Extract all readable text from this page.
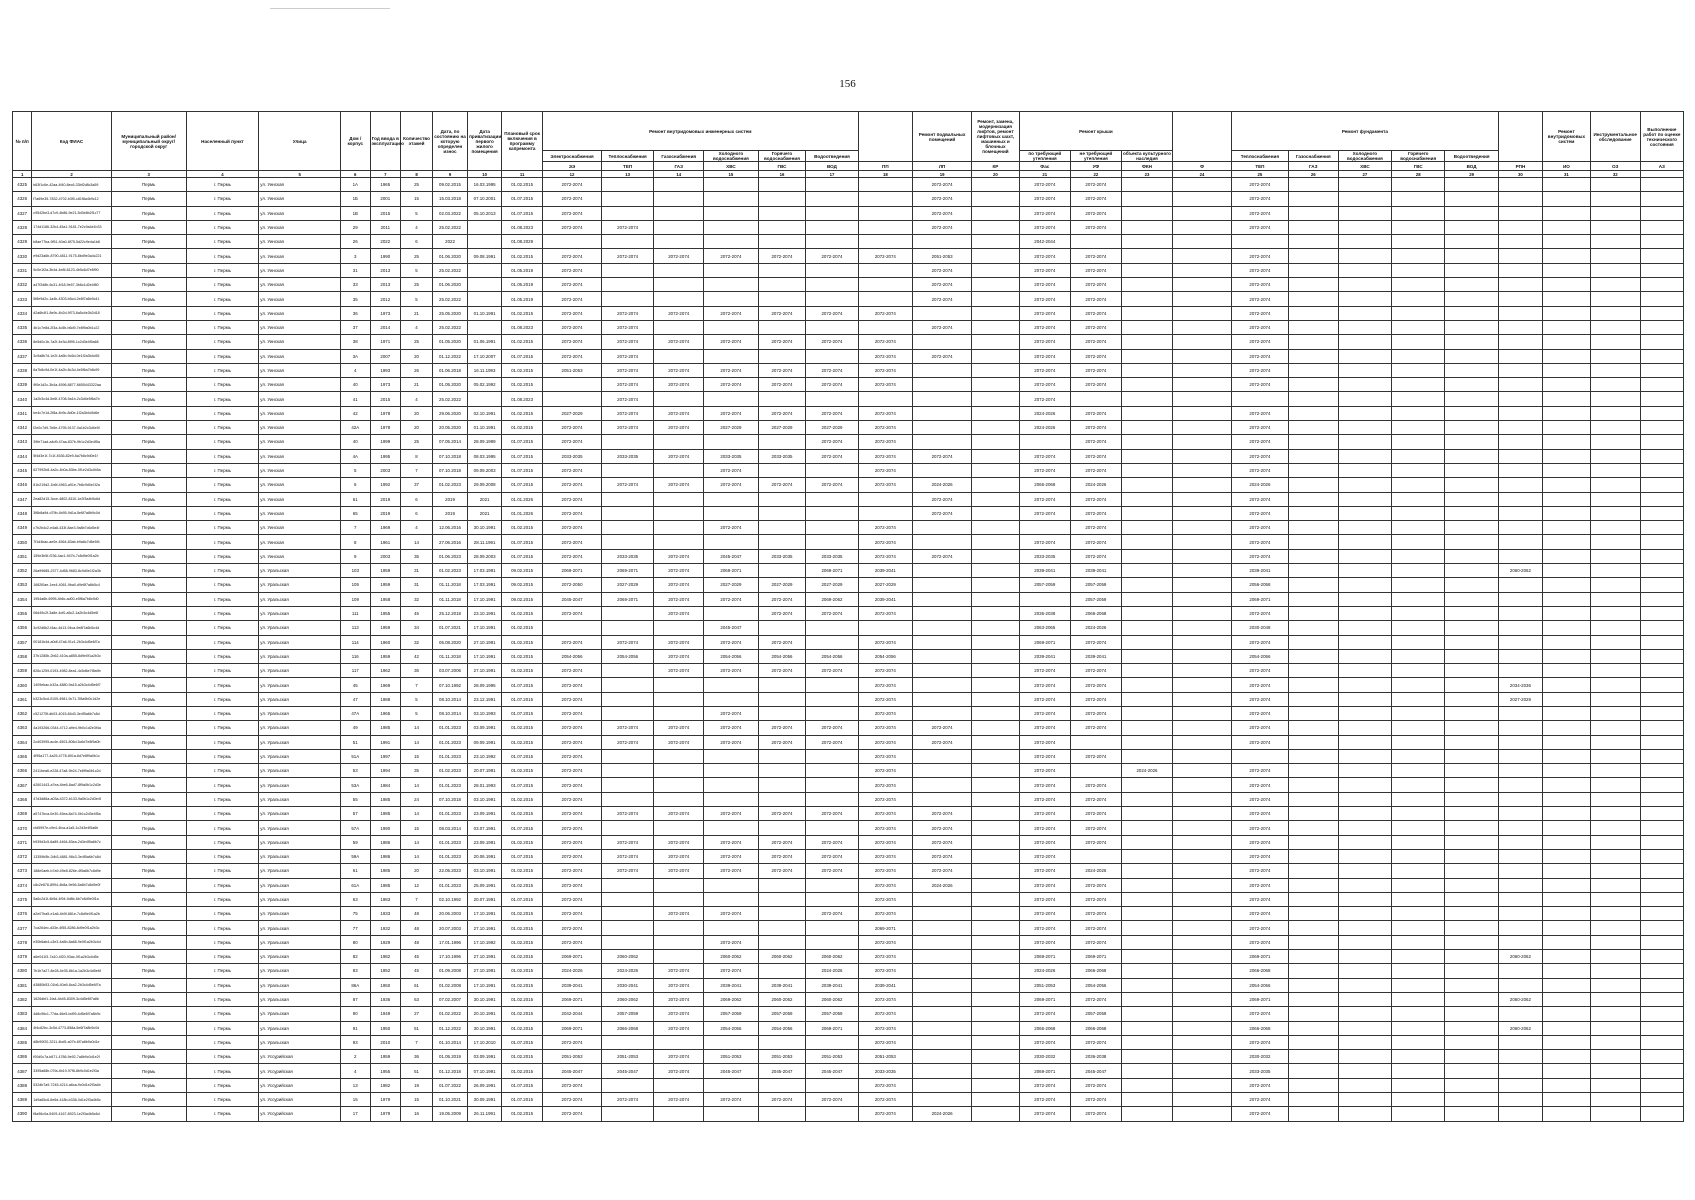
156
№ п/п	Код ФИАС	Муниципальный район/муниципальный округ/городской округ	Населенный пункт	Улица	Дом / корпус	Год ввода в эксплуатацию	Количество этажей	Дата, по состоянию на которую определен износ	Дата приватизации первого жилого помещения	Плановый срок включения в программу капремонта	Ремонт внутридомовых инженерных систем							Ремонт подвальных помещений	Ремонт, замена, модернизация лифтов, ремонт лифтовых шахт, машинных и блочных помещений	Ремонт крыши				Ремонт фундамента						Ремонт внутридомовых систем	Инструментальное обследование	Выполнение работ по оценке технического состояния
											Электроснабжения	Теплоснабжения	Газоснабжения	Холодного водоснабжения	Горячего водоснабжения	Водоотведения				по требующей утепления	не требующей утепления	объекта культурного наследия		Теплоснабжения	Газоснабжения	Холодного водоснабжения	Горячего водоснабжения	Водоотведения				
											ЭЭ	ТЕП	ГАЗ	ХВС	ГВС	ВОД	ПП	ЛП	КР	Фас	УФ	ФКН	Ф	ТЕП	ГАЗ	ХВС	ГВС	ВОД	РПН	ИО	ОЗ	АЗ
1	2	3	4	5	6	7	8	9	10	11	12	13	14	15	16	17	18	19	20	21	22	23	24	25	26	27	28	29	30	31	32	
4325	b63f1c6e-42aa-4f40-8ec6-33bf2d8c3a59	Пермь	г. Пермь	ул. Уинская	1А	1965	25	09.02.2015	16.03.1995	01.02.2015	2072-2074							2072-2074		2072-2074	2072-2074			2072-2074								
4326	f7a69e35-7832-4702-b3f0-c81f8a4b9c12	Пермь	г. Пермь	ул. Уинская	1Б	2001	15	15.03.2018	07.10.2001	01.07.2015	2072-2074							2072-2074		2072-2074	2072-2074			2072-2074								
4327	c9542be3-d7c9-4b86-9e21-5d3e8b2f1c77	Пермь	г. Пермь	ул. Уинская	1В	2015	5	02.03.2022	05.10.2013	01.07.2015	2072-2074							2072-2074		2072-2074	2072-2074			2072-2074								
4328	174d1186-32b4-45a1-9181-7e2c9a4e1b33	Пермь	г. Пермь	ул. Уинская	29	2011	4	25.02.2022		01.08.2023	2072-2074	2072-2074						2072-2074		2072-2074	2072-2074			2072-2074								
4329	b8ae77ba-9f51-40a0-8f75-5d22c9e4a1b8	Пермь	г. Пермь	ул. Уинская	26	2022	6	2022		01.08.2029										2042-2044												
4330	e9d23a6b-8790-4811-9175-8bd9e3a4c221	Пермь	г. Пермь	ул. Уинская	3	1990	25	01.06.2020	09.08.1991	01.02.2015	2072-2074	2072-2074	2072-2074	2072-2074	2072-2074	2072-2074	2072-2074	2051-2053		2072-2074	2072-2074			2072-2074								
4331	9c0e1f2a-3b4d-4e8f-8123-4b5c6d7e8f90	Пермь	г. Пермь	ул. Уинская	31	2013	5	25.02.2022		01.05.2019	2072-2074							2072-2074		2072-2074	2072-2074			2072-2074								
4332	a47f2d8b-6c31-4f18-9e57-3b6c1d2e4f80	Пермь	г. Пермь	ул. Уинская	33	2013	25	01.06.2020		01.06.2019	2072-2074							2072-2074		2072-2074	2072-2074			2072-2074								
4333	5f8e9d2c-1a4b-4303-b5cd-2e8f7a6b9c41	Пермь	г. Пермь	ул. Уинская	35	2012	5	25.02.2022		01.05.2019	2072-2074							2072-2074		2072-2074	2072-2074			2072-2074								
4334	d2a6b4f1-8e9c-4b2d-9f73-6a5c4e3b2d18	Пермь	г. Пермь	ул. Уинская	36	1973	21	25.05.2020	01.10.1991	01.02.2015	2072-2074	2072-2074	2072-2074	2072-2074	2072-2074	2072-2074	2072-2074			2072-2074	2072-2074			2072-2074								
4335	4b1c7e8d-2f3a-4c5b-b6d9-7e8f9a0b1c22	Пермь	г. Пермь	ул. Уинская	37	2014	4	25.02.2022		01.08.2023	2072-2074	2072-2074						2072-2074		2072-2074	2072-2074			2072-2074								
4336	8e5d0c1b-7a2f-4e3d-8f95-1c2d3e4f5a66	Пермь	г. Пермь	ул. Уинская	38	1971	25	01.05.2020	01.06.1991	01.02.2015	2072-2074	2072-2074	2072-2074	2072-2074	2072-2074	2072-2074	2072-2074			2072-2074	2072-2074			2072-2074								
4337	3c9a8b7d-1e2f-4a5b-9c6d-0e1f2a3b4c55	Пермь	г. Пермь	ул. Уинская	3А	2007	20	01.12.2022	17.10.2007	01.07.2015	2072-2074	2072-2074					2072-2074	2072-2074		2072-2074	2072-2074			2072-2074								
4338	6a7b8c9d-0e1f-4a2b-8c3d-4e5f6a7b8c99	Пермь	г. Пермь	ул. Уинская	4	1993	26	01.06.2018	16.11.1993	01.02.2015	2051-2053	2072-2074	2072-2074	2072-2074	2072-2074	2072-2074	2072-2074			2072-2074	2072-2074			2072-2074								
4339	9f0e1d2c-3b4a-4596-8877-6655443322aa	Пермь	г. Пермь	ул. Уинская	40	1973	21	01.05.2020	05.02.1992	01.02.2015		2072-2074	2072-2074	2072-2074	2072-2074	2072-2074	2072-2074			2072-2074	2072-2074			2072-2074								
4340	1a2b3c4d-5e6f-4708-9a1b-2c3d4e5f6a7b	Пермь	г. Пермь	ул. Уинская	41	2015	4	25.02.2022		01.08.2023		2072-2074								2072-2074												
4341	be4c7e1d-2f8a-4b9c-8d0e-1f2a3b4c5d6e	Пермь	г. Пермь	ул. Уинская	42	1978	20	29.06.2020	02.10.1991	01.02.2015	2027-2029	2072-2074	2072-2074	2072-2074	2072-2074	2072-2074	2072-2074			2024-2026	2072-2074			2072-2074								
4342	f2e0c7d9-7b6e-4795-9137-0a1b2c3d4e5f	Пермь	г. Пермь	ул. Уинская	42А	1978	20	20.05.2020	01.10.1991	01.02.2015	2072-2074	2072-2074	2072-2074	2027-2029	2027-2029	2027-2029	2072-2074			2024-2026	2072-2074			2072-2074								
4343	39fe71ad-a4d9-47aa-837b-9b1c2d3e4f5a	Пермь	г. Пермь	ул. Уинская	40	1999	25	07.05.2014	28.09.1999	01.07.2015	2072-2074					2072-2074	2072-2074				2072-2074			2072-2074								
4344	5f4d3e1f-7c1f-4536-82e9-6a7b8c9d0e1f	Пермь	г. Пермь	ул. Уинская	4А	1995	8	07.10.2018	08.03.1995	01.07.2015	2033-2035	2033-2035	2072-2074	2033-2035	2033-2035	2072-2074	2072-2074	2072-2074		2072-2074	2072-2074			2072-2074								
4345	627992b8-4a2c-4b0a-83be-0f1e2d3c4b5a	Пермь	г. Пермь	ул. Уинская	5	2003	7	07.10.2018	09.09.2003	01.07.2015	2072-2074			2072-2074			2072-2074			2072-2074	2072-2074			2072-2074								
4346	81b219d2-1b6f-4963-a91e-7b8c9d0e1f2a	Пермь	г. Пермь	ул. Уинская	6	1992	37	01.02.2023	29.09.2008	01.07.2015	2072-2074	2072-2074	2072-2074	2072-2074	2072-2074	2072-2074	2072-2074	2024-2026		2066-2068	2024-2026			2024-2026								
4347	2ea82d15-3cce-4802-8110-1e2f3a4b5c6d	Пермь	г. Пермь	ул. Уинская	61	2019	6	2019	2021	01.01.2026	2072-2074							2072-2074		2072-2074	2072-2074			2072-2074								
4348	3f6b8a9d-d79b-4b95-9d1a-5e6f7a8b9c0d	Пермь	г. Пермь	ул. Уинская	65	2019	6	2019	2021	01.01.2026	2072-2074							2072-2074		2072-2074	2072-2074			2072-2074								
4349	c7b2b4c2-e4a8-433f-8ae3-9a8b7c6d5e4f	Пермь	г. Пермь	ул. Уинская	7	1969	4	12.06.2016	30.10.1991	01.02.2015	2072-2074			2072-2074			2072-2074				2072-2074			2072-2074								
4350	7f1d4bac-ae0e-4564-83ab-b9a8c7d6e5f4	Пермь	г. Пермь	ул. Уинская	8	1961	14	27.06.2016	28.11.1991	01.07.2015	2072-2074						2072-2074			2072-2074	2072-2074			2072-2074								
4351	159e3b5f-f236-4ac1-947b-7c8d9e0f1a2b	Пермь	г. Пермь	ул. Уинская	9	2003	35	01.06.2023	28.09.2003	01.07.2015	2072-2074	2033-2035	2072-2074	2045-2047	2033-2035	2033-2035	2072-2074	2072-2074		2033-2035	2072-2074			2072-2074								
4352	26a99685-2377-4d58-9683-8c9d0e1f2a3b	Пермь	г. Пермь	ул. Уральская	103	1959	31	01.02.2023	17.03.1991	09.02.2015	2069-2071	2069-2071	2072-2074	2069-2071		2069-2071	2039-2041			2039-2041	2039-2041			2039-2041					2060-2062			
4353	1682f0ae-1ee4-4061-9ba0-d9e8f7a6b5c4	Пермь	г. Пермь	ул. Уральская	105	1959	31	01.11.2018	17.03.1991	09.02.2015	2072-2050	2027-2029	2072-2074	2027-2029	2027-2029	2027-2029	2027-2029			2057-2059	2057-2059			2056-2058								
4354	1954a6b-6995-4b6c-ad00-e5f6a7b8c9d0	Пермь	г. Пермь	ул. Уральская	109	1958	32	01.11.2018	17.10.1991	09.02.2015	2045-2047	2069-2071	2072-2074	2072-2074	2072-2074	2069-2062	2039-2041				2057-2059			2069-2071								
4355	06d49c2f-3a8e-4cf0-a5c2-1a2b3c4d5e6f	Пермь	г. Пермь	ул. Уральская	111	1955	45	25.12.2018	23.10.1991	01.02.2015	2072-2074		2072-2074		2072-2074	2072-2074	2072-2074			2036-2038	2066-2068			2072-2074								
4356	3c92d6b2-f4ac-4d13-94ca-9e8f7a6b5c4d	Пермь	г. Пермь	ул. Уральская	113	1959	34	01.07.2021	17.10.1991	01.02.2015				2045-2047						2063-2065	2024-2026			2030-2048								
4357	00181b4d-a0df-47a6-91c1-2b3c4d5e6f7a	Пермь	г. Пермь	ул. Уральская	114	1960	32	05.08.2020	27.10.1991	01.02.2015	2072-2074	2072-2074	2072-2074	2072-2074	2072-2074		2072-2074			2069-2071	2072-2074			2072-2074								
4358	37b1285b-2b62-410a-a855-8d9e0f1a2b3c	Пермь	г. Пермь	ул. Уральская	116	1959	42	01.11.2018	17.10.1991	01.02.2015	2054-2056	2054-2056	2072-2074	2054-2056	2054-2056	2054-2056	2054-2056			2039-2041	2039-2041			2054-2056								
4359	826c1259-0193-4982-8ea1-4c5d6e7f8a9b	Пермь	г. Пермь	ул. Уральская	117	1962	36	03.07.2006	27.10.1991	01.02.2015	2072-2074		2072-2074	2072-2074	2072-2074	2072-2074	2072-2074			2072-2074	2072-2074			2072-2074								
4360	1409ebac-b32a-4880-9a15-a2b3c4d5e6f7	Пермь	г. Пермь	ул. Уральская	45	1969	7	07.10.1992	28.09.1995	01.07.2015	2072-2074						2072-2074			2072-2074	2072-2074			2072-2074					2034-2036			
4361	b323c5cd-0109-4981-9c71-7f8a9b0c1d2e	Пермь	г. Пермь	ул. Уральская	47	1988	5	08.10.2014	23.12.1991	01.07.2015	2072-2074						2072-2074			2072-2074	2072-2074			2072-2074					2027-2029			
4362	c521275f-db03-4015-84d3-3e4f5a6b7c8d	Пермь	г. Пермь	ул. Уральская	47А	1965	5	08.10.2014	03.10.1993	01.07.2015	2072-2074			2072-2074			2072-2074			2072-2074	2072-2074			2072-2074								
4363	4a193266-0344-4712-a9e4-9b0c1d2e3f4a	Пермь	г. Пермь	ул. Уральская	49	1985	14	01.01.2023	03.09.1991	01.02.2015	2072-2074	2072-2074	2072-2074	2072-2074	2072-2074	2072-2074	2072-2074	2072-2074		2072-2074	2072-2074			2072-2074								
4364	2cd03995-ac4e-4503-806d-5c6d7e8f9a0b	Пермь	г. Пермь	ул. Уральская	51	1991	14	01.01.2023	09.09.1991	01.02.2015	2072-2074	2072-2074	2072-2074	2072-2074	2072-2074	2072-2074	2072-2074	2072-2074		2072-2074				2072-2074								
4365	4f95a177-4a25-4778-891a-6d7e8f9a0b1c	Пермь	г. Пермь	ул. Уральская	51А	1997	15	01.01.2023	23.10.1992	01.07.2015	2072-2074						2072-2074			2072-2074	2072-2074											
4366	2411bea6-e228-47a8-9b24-7e8f9a0b1c2d	Пермь	г. Пермь	ул. Уральская	53	1994	35	01.02.2023	20.07.1991	01.02.2015	2072-2074						2072-2074			2072-2074		2024-2026		2072-2074								
4367	d2601443-a7ea-4be6-8ad7-8f9a0b1c2d3e	Пермь	г. Пермь	ул. Уральская	53А	1984	14	01.01.2023	28.01.1993	01.07.2015	2072-2074						2072-2074			2072-2074	2072-2074			2072-2074								
4368	47d3d86a-a03a-4372-b133-9a0b1c2d3e4f	Пермь	г. Пермь	ул. Уральская	55	1985	24	07.10.2018	03.10.1991	01.02.2015	2072-2074						2072-2074			2072-2074	2072-2074			2072-2074								
4369	a5747bca-0e30-45ea-8a74-0b1c2d3e4f5a	Пермь	г. Пермь	ул. Уральская	57	1985	14	01.01.2023	23.09.1991	01.02.2015	2072-2074	2072-2074	2072-2074	2072-2074	2072-2074	2072-2074	2072-2074	2072-2074		2072-2074	2072-2074			2072-2074								
4370	cfd5997e-c9e4-4fca-a1a5-1c2d3e4f5a6b	Пермь	г. Пермь	ул. Уральская	57А	1990	15	08.03.2014	03.07.1991	01.07.2015	2072-2074						2072-2074	2072-2074		2072-2074	2072-2074			2072-2074								
4371	b939d3c5-6a89-4464-83ea-2d3e4f5a6b7c	Пермь	г. Пермь	ул. Уральская	59	1986	14	01.01.2023	23.09.1991	01.02.2015	2072-2074	2072-2074	2072-2074	2072-2074	2072-2074	2072-2074	2072-2074	2072-2074		2072-2074	2072-2074			2072-2074								
4372	13359b5b-2db3-4881-98c3-3e4f5a6b7c8d	Пермь	г. Пермь	ул. Уральская	59А	1986	14	01.01.2023	20.06.1991	01.07.2015	2072-2074	2072-2074	2072-2074	2072-2074	2072-2074	2072-2074	2072-2074	2072-2074		2072-2074				2072-2074								
4373	188e0aeb-b7a9-49e8-826e-4f5a6b7c8d9e	Пермь	г. Пермь	ул. Уральская	61	1985	20	22.05.2023	03.10.1991	01.02.2015	2072-2074	2072-2074	2072-2074	2072-2074	2072-2074	2072-2074	2072-2074	2072-2074		2072-2074	2024-2026			2072-2074								
4374	c8c2e878-8994-4b8a-9e56-5a6b7c8d9e0f	Пермь	г. Пермь	ул. Уральская	61А	1985	12	01.01.2023	25.09.1991	01.02.2015	2072-2074						2072-2074	2024-2026		2072-2074	2072-2074			2072-2074								
4375	5a6c2d1f-4b5d-4f94-9d8b-6b7c8d9e0f1a	Пермь	г. Пермь	ул. Уральская	63	1983	7	02.10.1992	20.07.1991	01.07.2015	2072-2074						2072-2074			2072-2074	2072-2074			2072-2074								
4376	a2e07ba5-e1a6-4b9f-881e-7c8d9e0f1a2b	Пермь	г. Пермь	ул. Уральская	75	1933	48	20.06.2003	17.10.1991	01.02.2015	2072-2074		2072-2074	2072-2074		2072-2074	2072-2074			2072-2074	2072-2074			2072-2074								
4377	7ca264ec-d33e-4f55-8286-8d9e0f1a2b3c	Пермь	г. Пермь	ул. Уральская	77	1932	48	20.07.2003	27.10.1991	01.02.2015	2072-2074						2069-2071			2072-2074	2072-2074			2072-2074								
4378	e30b6ab4-c3e3-4a5b-8a68-9e0f1a2b3c4d	Пермь	г. Пермь	ул. Уральская	80	1929	48	17.01.1996	17.10.1992	01.02.2015	2072-2074			2072-2074			2072-2074			2072-2074	2072-2074			2072-2074								
4379	a6e041f3-7a10-4f20-93ac-0f1a2b3c4d5e	Пермь	г. Пермь	ул. Уральская	82	1982	45	17.10.1996	27.10.1991	01.02.2015	2069-2071	2060-2062		2060-2062	2060-2062	2060-2062	2072-2074			2069-2071	2069-2071			2069-2071					2060-2062			
4380	7b1b7a27-8e28-4e35-8b1a-1a2b3c4d5e6f	Пермь	г. Пермь	ул. Уральская	83	1952	45	01.09.2008	27.10.1991	01.02.2015	2024-2026	2024-2026	2072-2074	2072-2074		2024-2026	2072-2074			2024-2026	2066-2068			2066-2068								
4381	d3880b53-01b6-40a9-8ca2-2b3c4d5e6f7a	Пермь	г. Пермь	ул. Уральская	86А	1950	61	01.02.2008	17.10.1991	01.02.2015	2039-2041	2030-2041	2072-2074	2039-2041	2039-2041	2039-2041	2039-2041			2051-2053	2054-2056			2054-2056								
4382	1626dbf1-1fa4-4b45-8309-3c4d5e6f7a8b	Пермь	г. Пермь	ул. Уральская	87	1936	63	07.02.2007	30.10.1991	01.02.2015	2069-2071	2060-2062	2072-2074	2069-2062	2060-2062	2060-2062	2072-2074			2069-2071	2072-2074			2069-2071					2060-2062			
4383	4d8c96c1-77da-46e5-bd99-4d5e6f7a8b9c	Пермь	г. Пермь	ул. Уральская	90	1949	27	01.02.2022	20.10.1991	01.02.2015	2042-2044	2057-2059	2072-2074	2057-2059	2057-2059	2057-2059	2072-2074			2072-2074	2057-2059			2072-2074								
4384	4f4c82bc-3c5d-4773-858a-5e6f7a8b9c0d	Пермь	г. Пермь	ул. Уральская	91	1950	51	01.12.2022	30.10.1991	01.02.2015	2069-2071	2066-2068	2072-2074	2054-2056	2054-2056	2069-2071	2072-2074			2066-2068	2066-2068			2066-2068					2060-2062			
4385	d8b90f20-3211-4bd5-a07b-6f7a8b9c0d1e	Пермь	г. Пермь	ул. Уральская	93	2010	7	01.10.2014	17.10.2010	01.07.2015	2072-2074						2072-2074			2072-2074	2072-2074			2072-2074								
4386	f00d0c7a-b871-4786-9e92-7a8b9c0d1e2f	Пермь	г. Пермь	ул. Уссурийская	2	1959	36	01.05.2019	03.09.1991	01.02.2015	2051-2053	2051-2053	2072-2074	2051-2053	2051-2053	2051-2053	2051-2053			2030-2032	2036-2038			2030-2032								
4387	3395a68b-07fa-4b19-97f8-8b9c0d1e2f3a	Пермь	г. Пермь	ул. Уссурийская	4	1955	51	01.12.2018	07.10.1991	01.02.2015	2045-2047	2045-2047	2072-2074	2045-2047	2045-2047	2045-2047	2033-2035			2069-2071	2045-2047			2033-2035								
4388	532db7a9-7245-4214-a6ca-9c0d1e2f3a4b	Пермь	г. Пермь	ул. Уссурийская	13	1982	19	01.07.2022	26.09.1991	01.07.2015	2072-2074						2072-2074			2072-2074	2072-2074			2072-2074								
4389	1d9a65c6-6e6d-418b-b338-0d1e2f3a4b5c	Пермь	г. Пермь	ул. Уссурийская	15	1979	15	01.10.2021	30.09.1991	01.07.2015	2072-2074	2072-2074	2072-2074	2072-2074	2072-2074	2072-2074	2072-2074			2072-2074	2072-2074			2072-2074								
4390	f8a96c0a-5409-4167-8923-1e2f3a4b5c6d	Пермь	г. Пермь	ул. Уссурийская	17	1979	16	19.05.2009	26.11.1991	01.02.2015	2072-2074						2072-2074	2024-2026		2072-2074	2072-2074			2072-2074								
